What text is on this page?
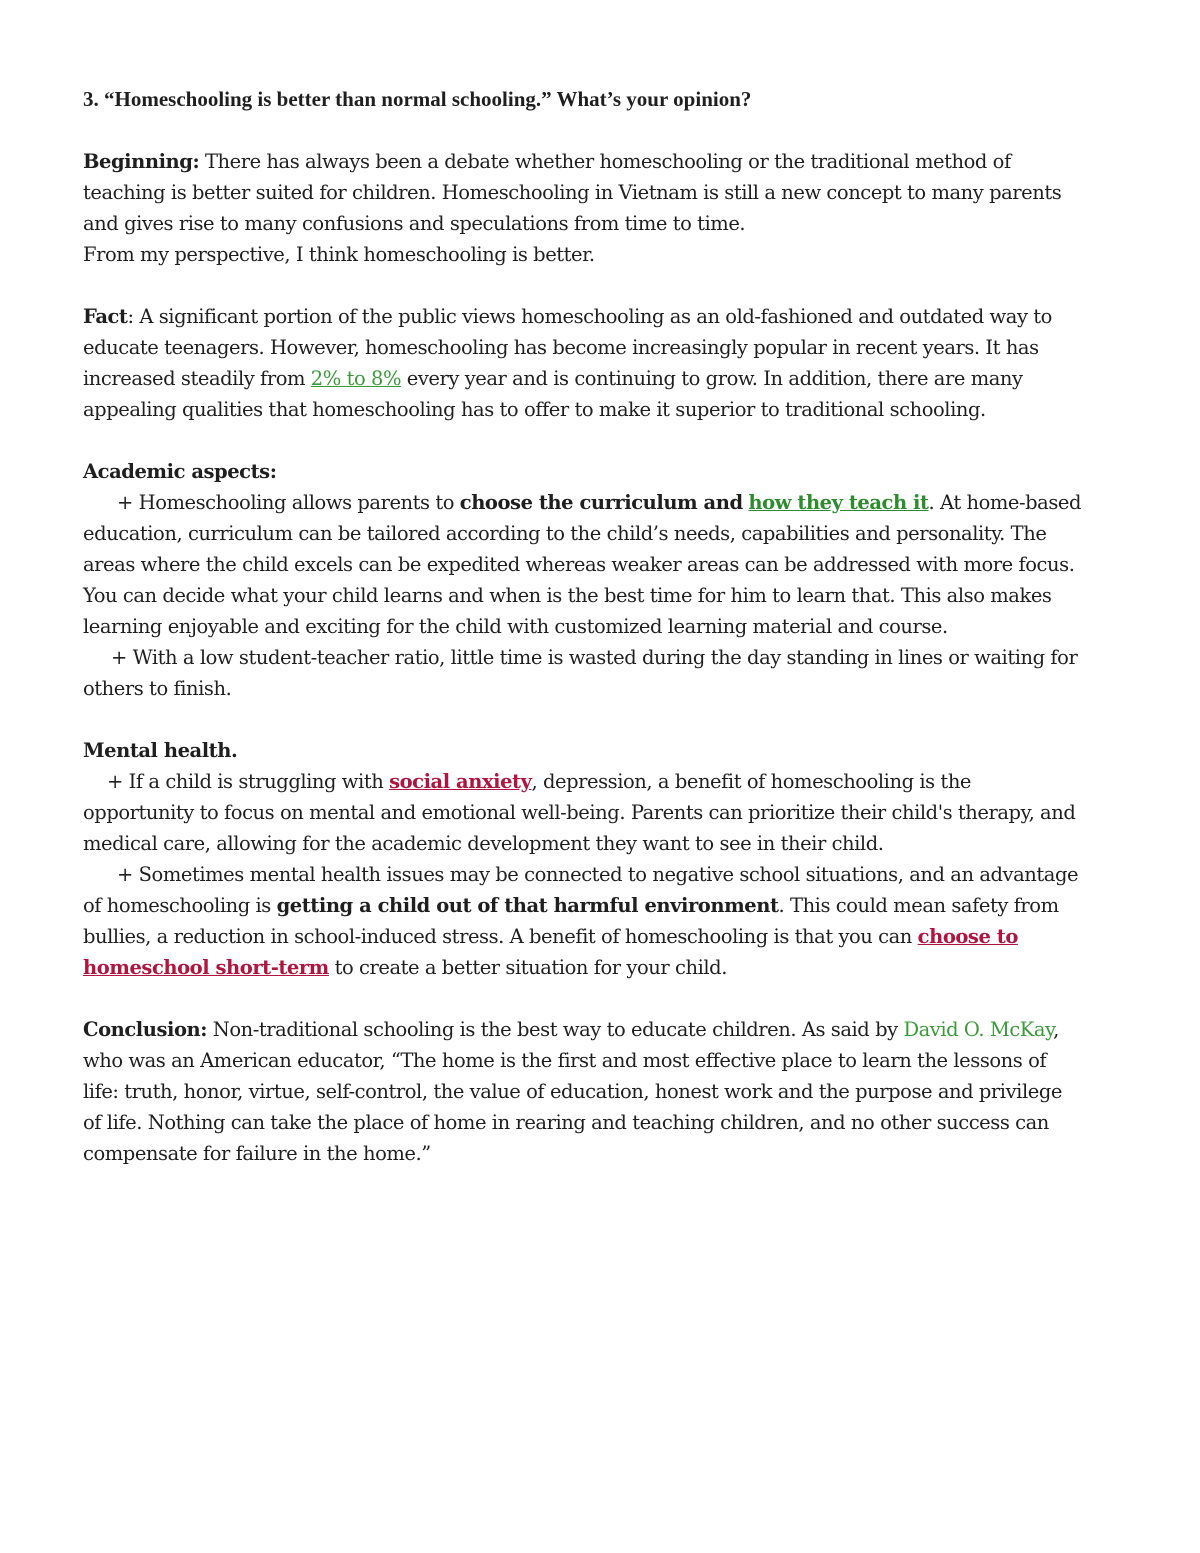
3. “Homeschooling is better than normal schooling.” What’s your opinion?

Beginning: There has always been a debate whether homeschooling or the traditional method of teaching is better suited for children. Homeschooling in Vietnam is still a new concept to many parents and gives rise to many confusions and speculations from time to time.

From my perspective, I think homeschooling is better.

Fact: A significant portion of the public views homeschooling as an old-fashioned and outdated way to educate teenagers. However, homeschooling has become increasingly popular in recent years. It has increased steadily from 2% to 8% every year and is continuing to grow. In addition, there are many appealing qualities that homeschooling has to offer to make it superior to traditional schooling.

Academic aspects:

+ Homeschooling allows parents to choose the curriculum and how they teach it. At home-based education, curriculum can be tailored according to the child’s needs, capabilities and personality. The areas where the child excels can be expedited whereas weaker areas can be addressed with more focus. You can decide what your child learns and when is the best time for him to learn that. This also makes learning enjoyable and exciting for the child with customized learning material and course.

+ With a low student-teacher ratio, little time is wasted during the day standing in lines or waiting for others to finish.

Mental health.

+ If a child is struggling with social anxiety, depression, a benefit of homeschooling is the opportunity to focus on mental and emotional well-being. Parents can prioritize their child's therapy, and medical care, allowing for the academic development they want to see in their child.

+ Sometimes mental health issues may be connected to negative school situations, and an advantage of homeschooling is getting a child out of that harmful environment. This could mean safety from bullies, a reduction in school-induced stress. A benefit of homeschooling is that you can choose to homeschool short-term to create a better situation for your child.

Conclusion: Non-traditional schooling is the best way to educate children. As said by David O. McKay, who was an American educator, “The home is the first and most effective place to learn the lessons of life: truth, honor, virtue, self-control, the value of education, honest work and the purpose and privilege of life. Nothing can take the place of home in rearing and teaching children, and no other success can compensate for failure in the home.”
